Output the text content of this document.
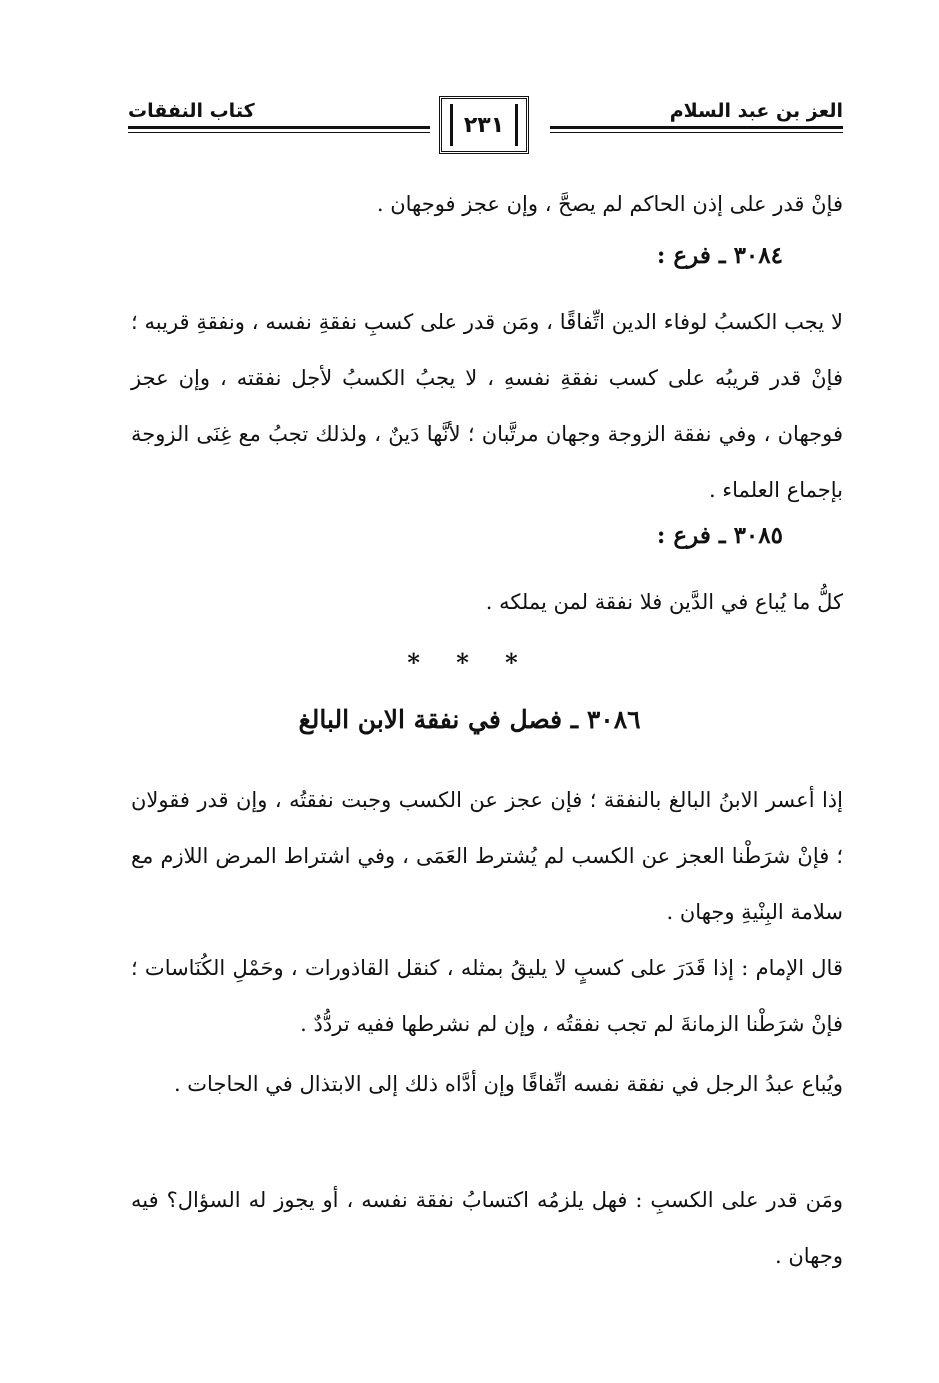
العز بن عبد السلام
كتاب النفقات
٢٣١

فإنْ قدر على إذن الحاكم لم يصحَّ ، وإن عجز فوجهان .

٣٠٨٤ ـ فرع :

لا يجب الكسبُ لوفاء الدين اتِّفاقًا ، ومَن قدر على كسبِ نفقةِ نفسه ، ونفقةِ قريبه ؛ فإنْ قدر قريبُه على كسب نفقةِ نفسهِ ، لا يجبُ الكسبُ لأجل نفقته ، وإن عجز فوجهان ، وفي نفقة الزوجة وجهان مرتَّبان ؛ لأنَّها دَينٌ ، ولذلك تجبُ مع غِنَى الزوجة بإجماع العلماء .

٣٠٨٥ ـ فرع :

كلُّ ما يُباع في الدَّين فلا نفقة لمن يملكه .

* * *

٣٠٨٦ ـ فصل في نفقة الابن البالغ

إذا أعسر الابنُ البالغ بالنفقة ؛ فإن عجز عن الكسب وجبت نفقتُه ، وإن قدر فقولان ؛ فإنْ شرَطْنا العجز عن الكسب لم يُشترط العَمَى ، وفي اشتراط المرض اللازم مع سلامة البِنْيةِ وجهان .

قال الإمام : إذا قَدَرَ على كسبٍ لا يليقُ بمثله ، كنقل القاذورات ، وحَمْلِ الكُنَاسات ؛ فإنْ شرَطْنا الزمانةَ لم تجب نفقتُه ، وإن لم نشرطها ففيه تردُّدٌ .

ويُباع عبدُ الرجل في نفقة نفسه اتِّفاقًا وإن أدَّاه ذلك إلى الابتذال في الحاجات .

ومَن قدر على الكسبِ : فهل يلزمُه اكتسابُ نفقة نفسه ، أو يجوز له السؤال؟ فيه وجهان .
